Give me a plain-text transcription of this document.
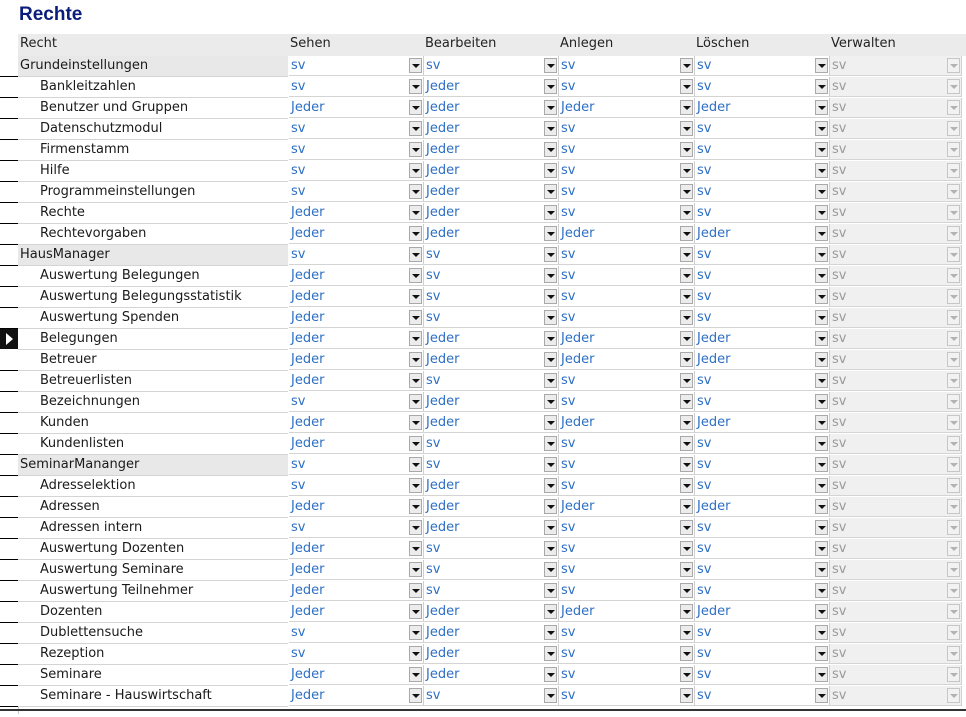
Rechte
Recht	Sehen	Bearbeiten	Anlegen	Löschen	Verwalten
Grundeinstellungen	sv	sv	sv	sv	sv
Bankleitzahlen	sv	Jeder	sv	sv	sv
Benutzer und Gruppen	Jeder	Jeder	Jeder	Jeder	sv
Datenschutzmodul	sv	Jeder	sv	sv	sv
Firmenstamm	sv	Jeder	sv	sv	sv
Hilfe	sv	Jeder	sv	sv	sv
Programmeinstellungen	sv	Jeder	sv	sv	sv
Rechte	Jeder	Jeder	sv	sv	sv
Rechtevorgaben	Jeder	Jeder	Jeder	Jeder	sv
HausManager	sv	sv	sv	sv	sv
Auswertung Belegungen	Jeder	sv	sv	sv	sv
Auswertung Belegungsstatistik	Jeder	sv	sv	sv	sv
Auswertung Spenden	Jeder	sv	sv	sv	sv
Belegungen	Jeder	Jeder	Jeder	Jeder	sv
Betreuer	Jeder	Jeder	Jeder	Jeder	sv
Betreuerlisten	Jeder	sv	sv	sv	sv
Bezeichnungen	sv	Jeder	sv	sv	sv
Kunden	Jeder	Jeder	Jeder	Jeder	sv
Kundenlisten	Jeder	sv	sv	sv	sv
SeminarMananger	sv	sv	sv	sv	sv
Adresselektion	sv	Jeder	sv	sv	sv
Adressen	Jeder	Jeder	Jeder	Jeder	sv
Adressen intern	sv	Jeder	sv	sv	sv
Auswertung Dozenten	Jeder	sv	sv	sv	sv
Auswertung Seminare	Jeder	sv	sv	sv	sv
Auswertung Teilnehmer	Jeder	sv	sv	sv	sv
Dozenten	Jeder	Jeder	Jeder	Jeder	sv
Dublettensuche	sv	Jeder	sv	sv	sv
Rezeption	sv	Jeder	sv	sv	sv
Seminare	Jeder	Jeder	sv	sv	sv
Seminare - Hauswirtschaft	Jeder	sv	sv	sv	sv
